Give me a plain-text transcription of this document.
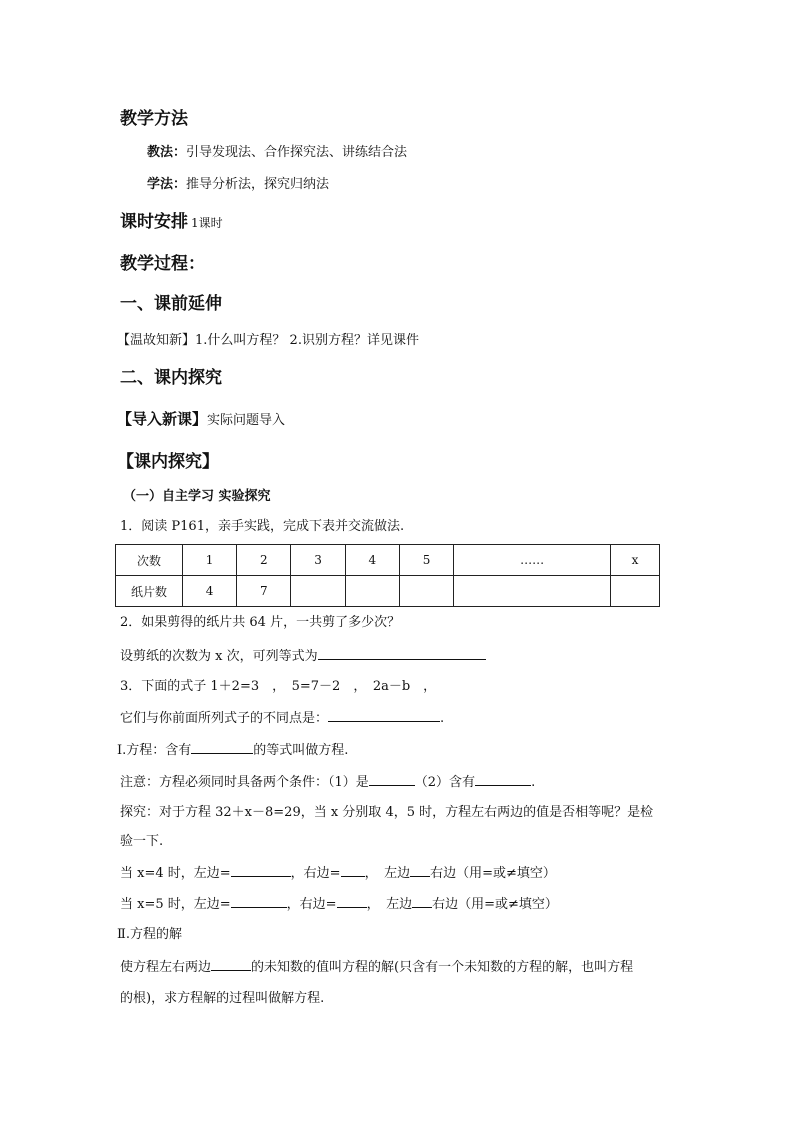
教学方法
教法：引导发现法、合作探究法、讲练结合法
学法：推导分析法，探究归纳法
课时安排 1课时
教学过程：
一、课前延伸
【温故知新】1.什么叫方程？ 2.识别方程？详见课件
二、课内探究
【导入新课】实际问题导入
【课内探究】
（一）自主学习 实验探究
1．阅读 P161，亲手实践，完成下表并交流做法.
次数	1	2	3	4	5	……	x
纸片数	4	7					
2．如果剪得的纸片共 64 片，一共剪了多少次？
设剪纸的次数为 x 次，可列等式为
3．下面的式子 1＋2=3　，　5=7－2　，　2a－b　，
它们与你前面所列式子的不同点是：	.
Ⅰ.方程：含有	的等式叫做方程.
注意：方程必须同时具备两个条件：（1）是	（2）含有	.
探究：对于方程 32＋x－8=29，当 x 分别取 4，5 时，方程左右两边的值是否相等呢？是检
验一下.
当 x=4 时，左边=	，右边= ，　左边 右边（用=或≠填空）
当 x=5 时，左边=	，右边= ，　左边 右边（用=或≠填空）
Ⅱ.方程的解
使方程左右两边	的未知数的值叫方程的解(只含有一个未知数的方程的解，也叫方程
的根)，求方程解的过程叫做解方程.
